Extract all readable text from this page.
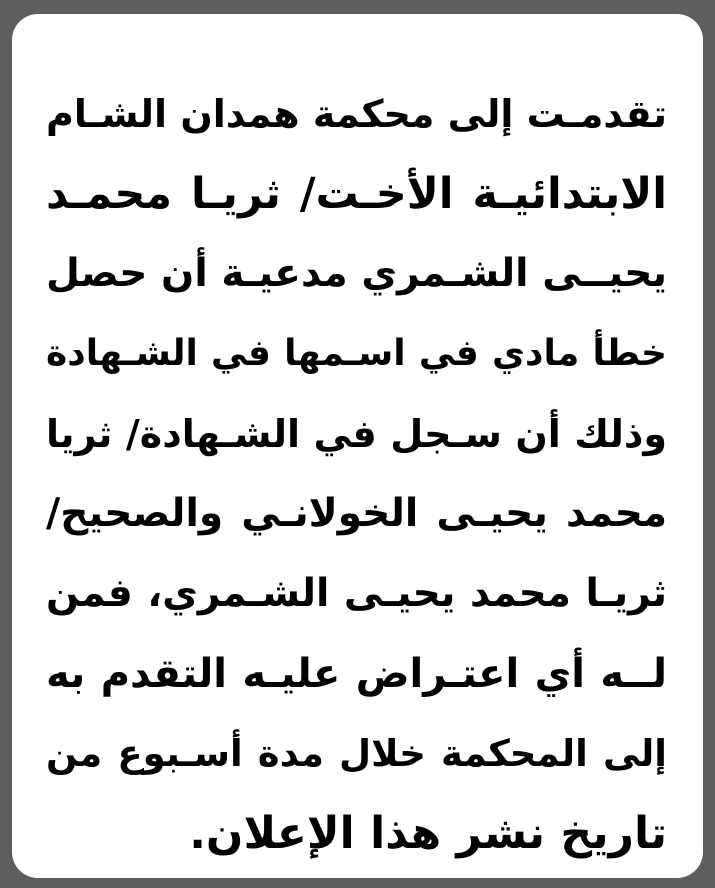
تقدمـت إلى محكمة همدان الشـام
الابتدائيـة الأخـت/ ثريـا محمـد
يحيــى الشـمري مدعيـة أن حصل
خطأ مادي في اسـمها في الشـهادة
وذلك أن سـجل في الشـهادة/ ثريا
محمد يحيـى الخولانـي والصحيح/
ثريـا محمد يحيـى الشـمري، فمن
لــه أي اعتـراض عليـه التقدم به
إلى المحكمة خلال مدة أسـبوع من
تاريخ نشر هذا الإعلان.
